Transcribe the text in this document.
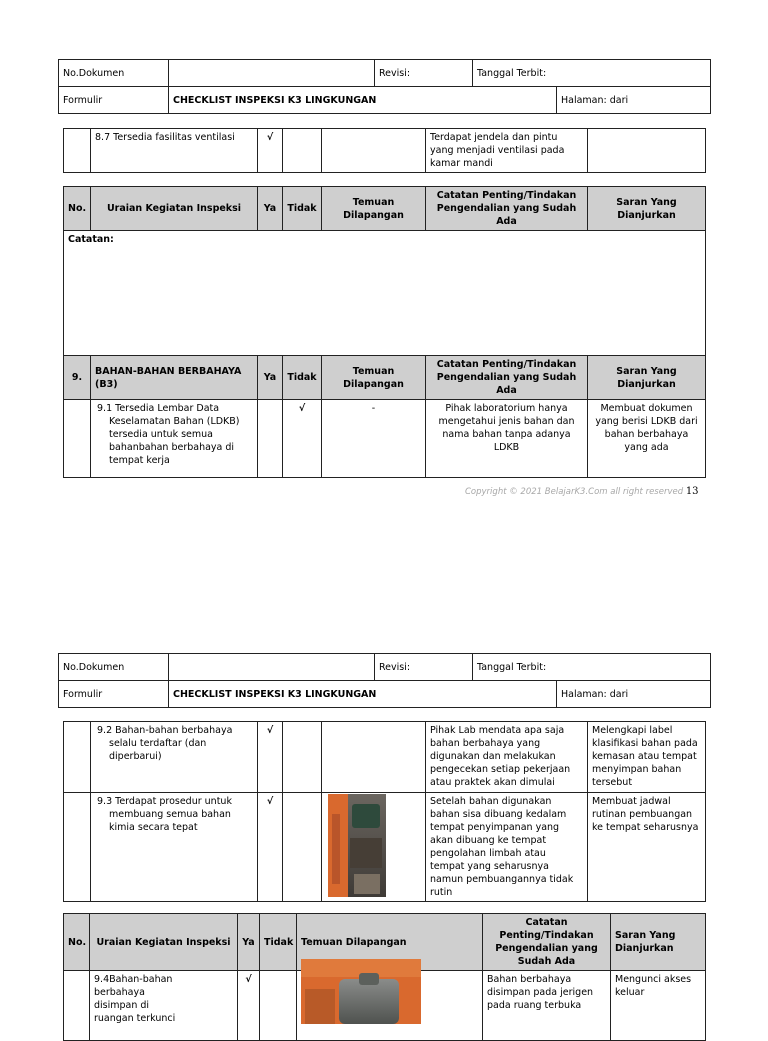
No.Dokumen		Revisi:	Tanggal Terbit:	
Formulir	CHECKLIST INSPEKSI K3 LINGKUNGAN			Halaman: dari
	8.7 Tersedia fasilitas ventilasi	√			Terdapat jendela dan pintu yang menjadi ventilasi pada kamar mandi	
No.	Uraian Kegiatan Inspeksi	Ya	Tidak	Temuan Dilapangan	Catatan Penting/Tindakan Pengendalian yang Sudah Ada	Saran Yang Dianjurkan
Catatan:						
9.	BAHAN-BAHAN BERBAHAYA (B3)	Ya	Tidak	Temuan Dilapangan	Catatan Penting/Tindakan Pengendalian yang Sudah Ada	Saran Yang Dianjurkan
	9.1 Tersedia Lembar Data Keselamatan Bahan (LDKB) tersedia untuk semua bahanbahan berbahaya di tempat kerja		√	-	Pihak laboratorium hanya mengetahui jenis bahan dan nama bahan tanpa adanya LDKB	Membuat dokumen yang berisi LDKB dari bahan berbahaya yang ada
Copyright © 2021 BelajarK3.Com all right reserved 13
No.Dokumen		Revisi:	Tanggal Terbit:	
Formulir	CHECKLIST INSPEKSI K3 LINGKUNGAN			Halaman: dari
	9.2 Bahan-bahan berbahaya selalu terdaftar (dan diperbarui)	√			Pihak Lab mendata apa saja bahan berbahaya yang digunakan dan melakukan pengecekan setiap pekerjaan atau praktek akan dimulai	Melengkapi label klasifikasi bahan pada kemasan atau tempat menyimpan bahan tersebut
	9.3 Terdapat prosedur untuk membuang semua bahan kimia secara tepat	√			Setelah bahan digunakan bahan sisa dibuang kedalam tempat penyimpanan yang akan dibuang ke tempat pengolahan limbah atau tempat yang seharusnya namun pembuangannya tidak rutin	Membuat jadwal rutinan pembuangan ke tempat seharusnya
No.	Uraian Kegiatan Inspeksi	Ya	Tidak	Temuan Dilapangan	Catatan Penting/Tindakan Pengendalian yang Sudah Ada	Saran Yang Dianjurkan

	9.4Bahan-bahan berbahaya disimpan di ruangan terkunci	√			Bahan berbahaya disimpan pada jerigen pada ruang terbuka	Mengunci akses keluar
